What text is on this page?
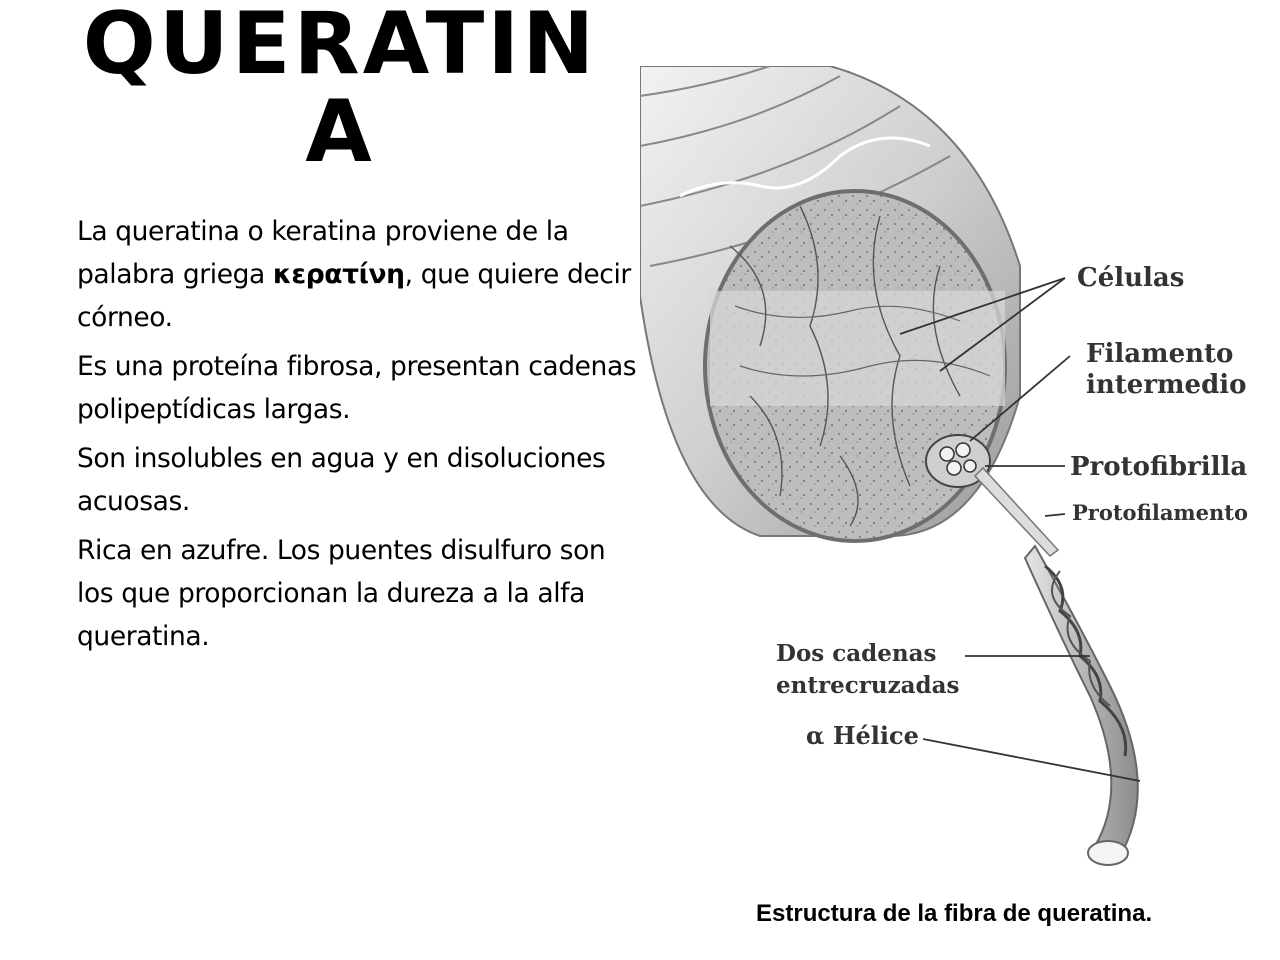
QUERATINA

La queratina o keratina proviene de la palabra griega κερατίνη, que quiere decir córneo.

Es una proteína fibrosa, presentan cadenas polipeptídicas largas.

Son insolubles en agua y en disoluciones acuosas.

Rica en azufre. Los puentes disulfuro son los que proporcionan la dureza a la alfa queratina.

Células
Filamento
intermedio
Protofibrilla
Protofilamento
Dos cadenas
entrecruzadas
α Hélice
Estructura de la fibra de queratina.
